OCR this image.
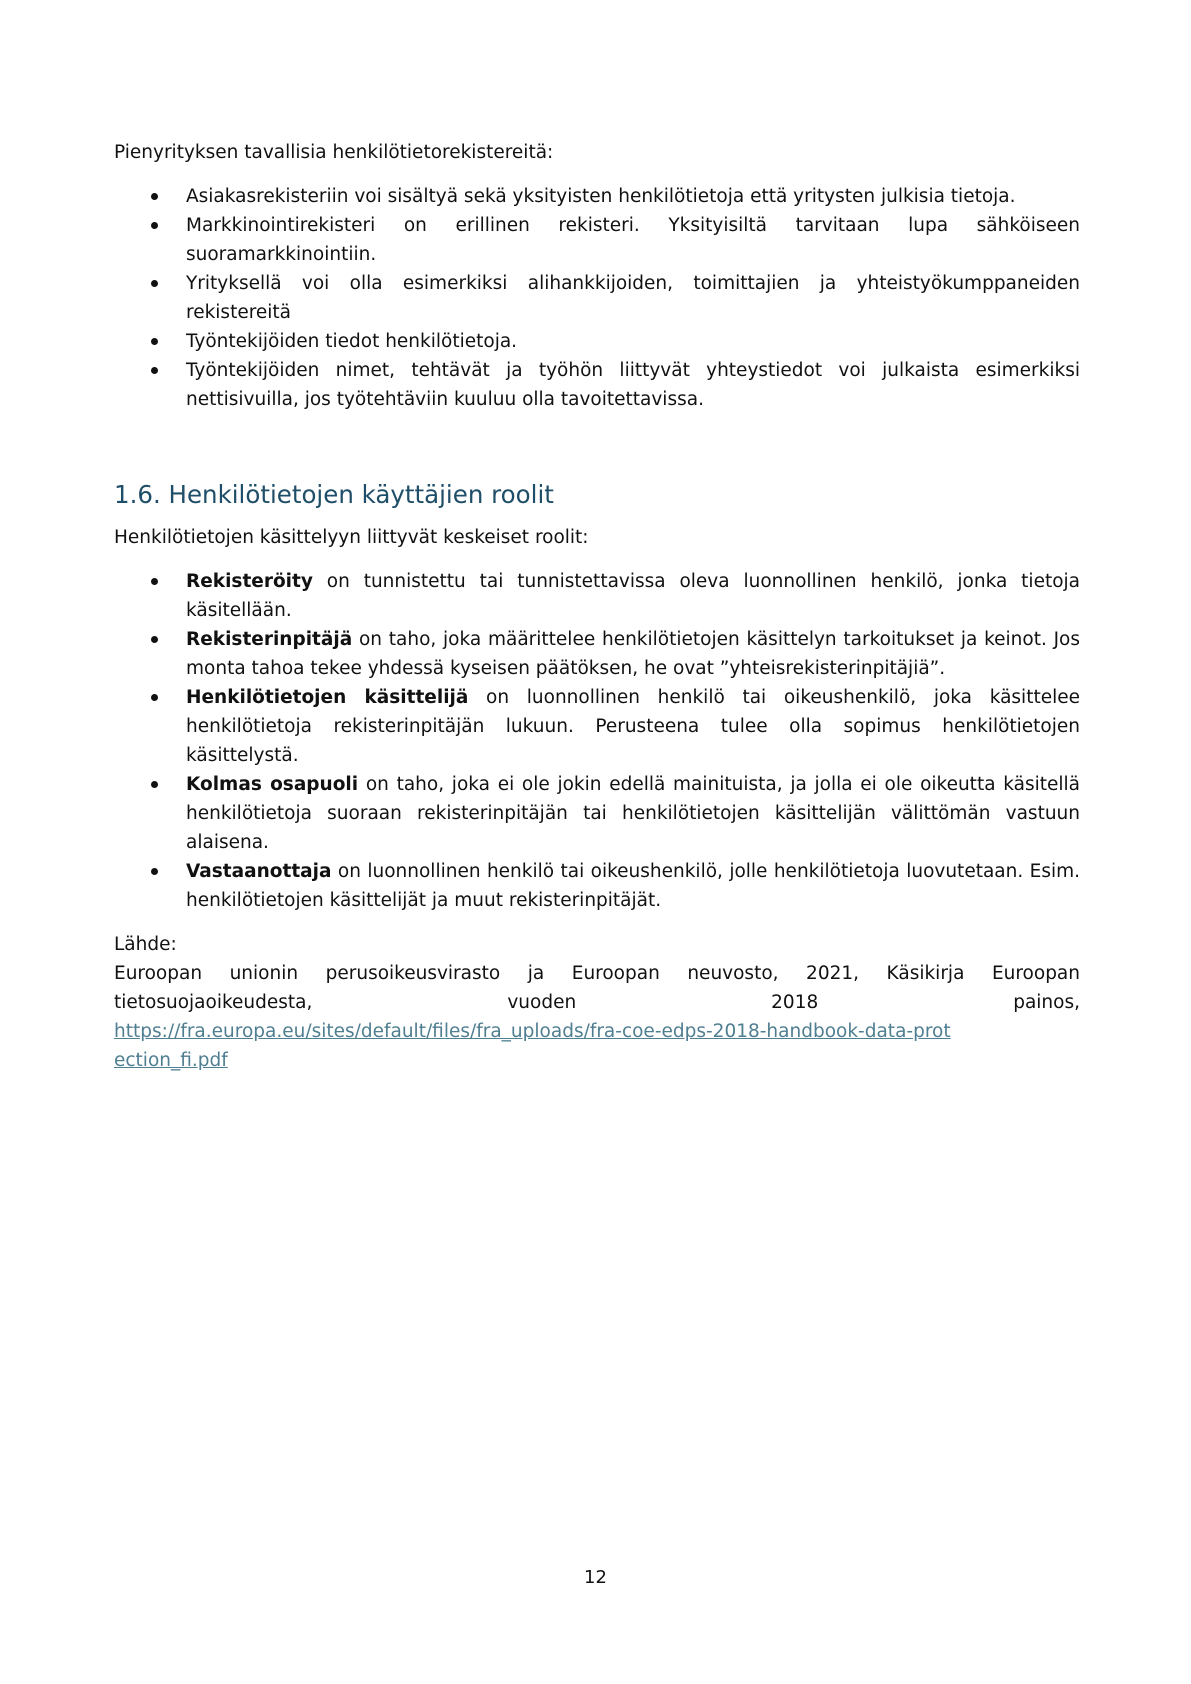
Pienyrityksen tavallisia henkilötietorekistereitä:

Asiakasrekisteriin voi sisältyä sekä yksityisten henkilötietoja että yritysten julkisia tietoja.
Markkinointirekisteri on erillinen rekisteri. Yksityisiltä tarvitaan lupa sähköiseen suoramarkkinointiin.
Yrityksellä voi olla esimerkiksi alihankkijoiden, toimittajien ja yhteistyökumppaneiden rekistereitä
Työntekijöiden tiedot henkilötietoja.
Työntekijöiden nimet, tehtävät ja työhön liittyvät yhteystiedot voi julkaista esimerkiksi nettisivuilla, jos työtehtäviin kuuluu olla tavoitettavissa.
1.6. Henkilötietojen käyttäjien roolit

Henkilötietojen käsittelyyn liittyvät keskeiset roolit:

Rekisteröity on tunnistettu tai tunnistettavissa oleva luonnollinen henkilö, jonka tietoja käsitellään.
Rekisterinpitäjä on taho, joka määrittelee henkilötietojen käsittelyn tarkoitukset ja keinot. Jos monta tahoa tekee yhdessä kyseisen päätöksen, he ovat ”yhteisrekisterinpitäjiä”.
Henkilötietojen käsittelijä on luonnollinen henkilö tai oikeushenkilö, joka käsittelee henkilötietoja rekisterinpitäjän lukuun. Perusteena tulee olla sopimus henkilötietojen käsittelystä.
Kolmas osapuoli on taho, joka ei ole jokin edellä mainituista, ja jolla ei ole oikeutta käsitellä henkilötietoja suoraan rekisterinpitäjän tai henkilötietojen käsittelijän välittömän vastuun alaisena.
Vastaanottaja on luonnollinen henkilö tai oikeushenkilö, jolle henkilötietoja luovutetaan. Esim. henkilötietojen käsittelijät ja muut rekisterinpitäjät.

Lähde:

Euroopan unionin perusoikeusvirasto ja Euroopan neuvosto, 2021, Käsikirja Euroopan tietosuojaoikeudesta, vuoden 2018 painos,

https://fra.europa.eu/sites/default/files/fra_uploads/fra-coe-edps-2018-handbook-data-protection_fi.pdf
12
